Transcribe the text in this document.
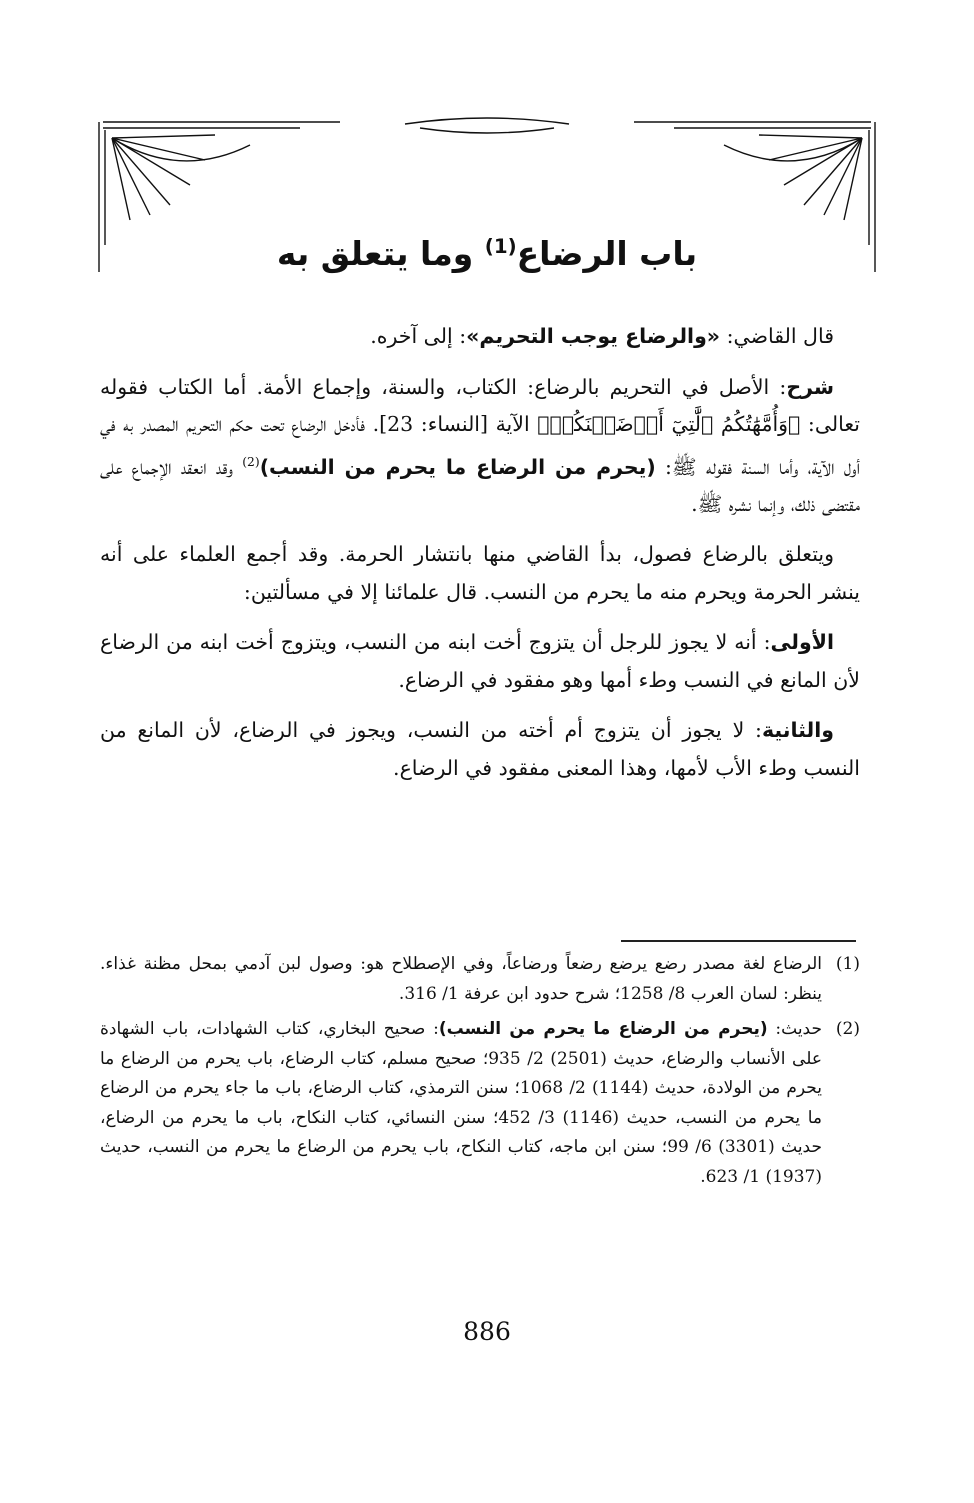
باب الرضاع$^{(1)}$ وما يتعلق به

قال القاضي: «والرضاع يوجب التحريم»: إلى آخره.

شرح: الأصل في التحريم بالرضاع: الكتاب، والسنة، وإجماع الأمة. أما الكتاب فقوله تعالى: ﴿وَأُمَّهَٰتُكُمُ ٱلَّٰتِيٓ أَرۡضَعۡنَكُمۡ﴾ الآية [النساء: 23]. فأدخل الرضاع تحت حكم التحريم المصدر به في أول الآية، وأما السنة فقوله ﷺ: (يحرم من الرضاع ما يحرم من النسب)$^{(2)}$ وقد انعقد الإجماع على مقتضى ذلك، وإنما نشره ﷺ.

ويتعلق بالرضاع فصول، بدأ القاضي منها بانتشار الحرمة. وقد أجمع العلماء على أنه ينشر الحرمة ويحرم منه ما يحرم من النسب. قال علمائنا إلا في مسألتين:

الأولى: أنه لا يجوز للرجل أن يتزوج أخت ابنه من النسب، ويتزوج أخت ابنه من الرضاع لأن المانع في النسب وطء أمها وهو مفقود في الرضاع.

والثانية: لا يجوز أن يتزوج أم أخته من النسب، ويجوز في الرضاع، لأن المانع من النسب وطء الأب لأمها، وهذا المعنى مفقود في الرضاع.

(1)
الرضاع لغة مصدر رضع يرضع رضعاً ورضاعاً، وفي الإصطلاح هو: وصول لبن آدمي بمحل مظنة غذاء. ينظر: لسان العرب 8/ 1258؛ شرح حدود ابن عرفة 1/ 316.
(2)
حديث: (يحرم من الرضاع ما يحرم من النسب): صحيح البخاري، كتاب الشهادات، باب الشهادة على الأنساب والرضاع، حديث (2501) 2/ 935؛ صحيح مسلم، كتاب الرضاع، باب يحرم من الرضاع ما يحرم من الولادة، حديث (1144) 2/ 1068؛ سنن الترمذي، كتاب الرضاع، باب ما جاء يحرم من الرضاع ما يحرم من النسب، حديث (1146) 3/ 452؛ سنن النسائي، كتاب النكاح، باب ما يحرم من الرضاع، حديث (3301) 6/ 99؛ سنن ابن ماجه، كتاب النكاح، باب يحرم من الرضاع ما يحرم من النسب، حديث (1937) 1/ 623.
886
